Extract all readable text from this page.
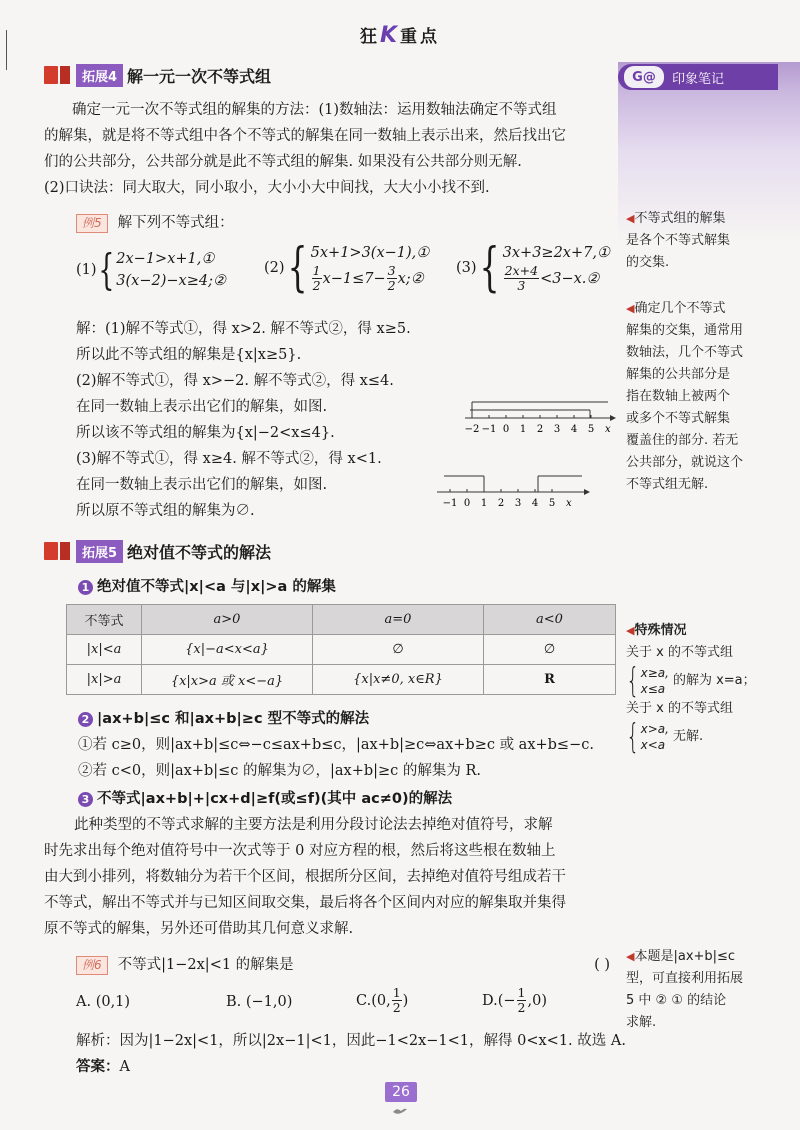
狂K重点
G@	印象笔记
拓展4 解一元一次不等式组
确定一元一次不等式组的解集的方法：(1)数轴法：运用数轴法确定不等式组
的解集，就是将不等式组中各个不等式的解集在同一数轴上表示出来，然后找出它
们的公共部分，公共部分就是此不等式组的解集. 如果没有公共部分则无解.
(2)口诀法：同大取大，同小取小，大小小大中间找，大大小小找不到.
例5 解下列不等式组：
(1) { 2x−1>x+1,①
3(x−2)−x≥4;②
(2) { 5x+1>3(x−1),①
$\frac{1}{2} x-1\le 7- \frac{3}{2}$ x;②
(3) { 3x+3≥2x+7,①
$\frac{2x+4}{3}$ <3−x.②
解：(1)解不等式①，得 x>2. 解不等式②，得 x≥5.
所以此不等式组的解集是{x|x≥5}.
(2)解不等式①，得 x>−2. 解不等式②，得 x≤4.
在同一数轴上表示出它们的解集，如图.
所以该不等式组的解集为{x|−2<x≤4}.
(3)解不等式①，得 x≥4. 解不等式②，得 x<1.
在同一数轴上表示出它们的解集，如图.
所以原不等式组的解集为∅.
−2 −1 0 1 2 3 4 5 x
−1 0 1 2 3 4 5 x
◀不等式组的解集
是各个不等式解集
的交集.
◀确定几个不等式
解集的交集，通常用
数轴法，几个不等式
解集的公共部分是
指在数轴上被两个
或多个不等式解集
覆盖住的部分. 若无
公共部分，就说这个
不等式组无解.
拓展5 绝对值不等式的解法
1 绝对值不等式|x|<a 与|x|>a 的解集
不等式	a>0	a=0	a<0
|x|<a	{x|−a<x<a}	∅	∅
|x|>a	{x|x>a 或 x<−a}	{x|x≠0, x∈R}	R
◀特殊情况
关于 x 的不等式组
{ x≥a,
x≤a
的解为 x=a；
关于 x 的不等式组
{ x>a,
x<a
无解.
2 |ax+b|≤c 和|ax+b|≥c 型不等式的解法
①若 c≥0，则|ax+b|≤c⇔−c≤ax+b≤c，|ax+b|≥c⇔ax+b≥c 或 ax+b≤−c.
②若 c<0，则|ax+b|≤c 的解集为∅，|ax+b|≥c 的解集为 R.
3 不等式|ax+b|+|cx+d|≥f(或≤f)(其中 ac≠0)的解法
此种类型的不等式求解的主要方法是利用分段讨论法去掉绝对值符号，求解
时先求出每个绝对值符号中一次式等于 0 对应方程的根，然后将这些根在数轴上
由大到小排列，将数轴分为若干个区间，根据所分区间，去掉绝对值符号组成若干
不等式，解出不等式并与已知区间取交集，最后将各个区间内对应的解集取并集得
原不等式的解集，另外还可借助其几何意义求解.
例6 不等式|1−2x|<1 的解集是	( )
A. (0,1)	B. (−1,0)	C. (0, $\frac{1}{2}$ )	D. (− $\frac{1}{2} ,0$)
解析：因为|1−2x|<1，所以|2x−1|<1，因此−1<2x−1<1，解得 0<x<1. 故选 A.
答案：A
◀本题是|ax+b|≤c
型，可直接利用拓展
5 中 ② ① 的结论
求解.
26
